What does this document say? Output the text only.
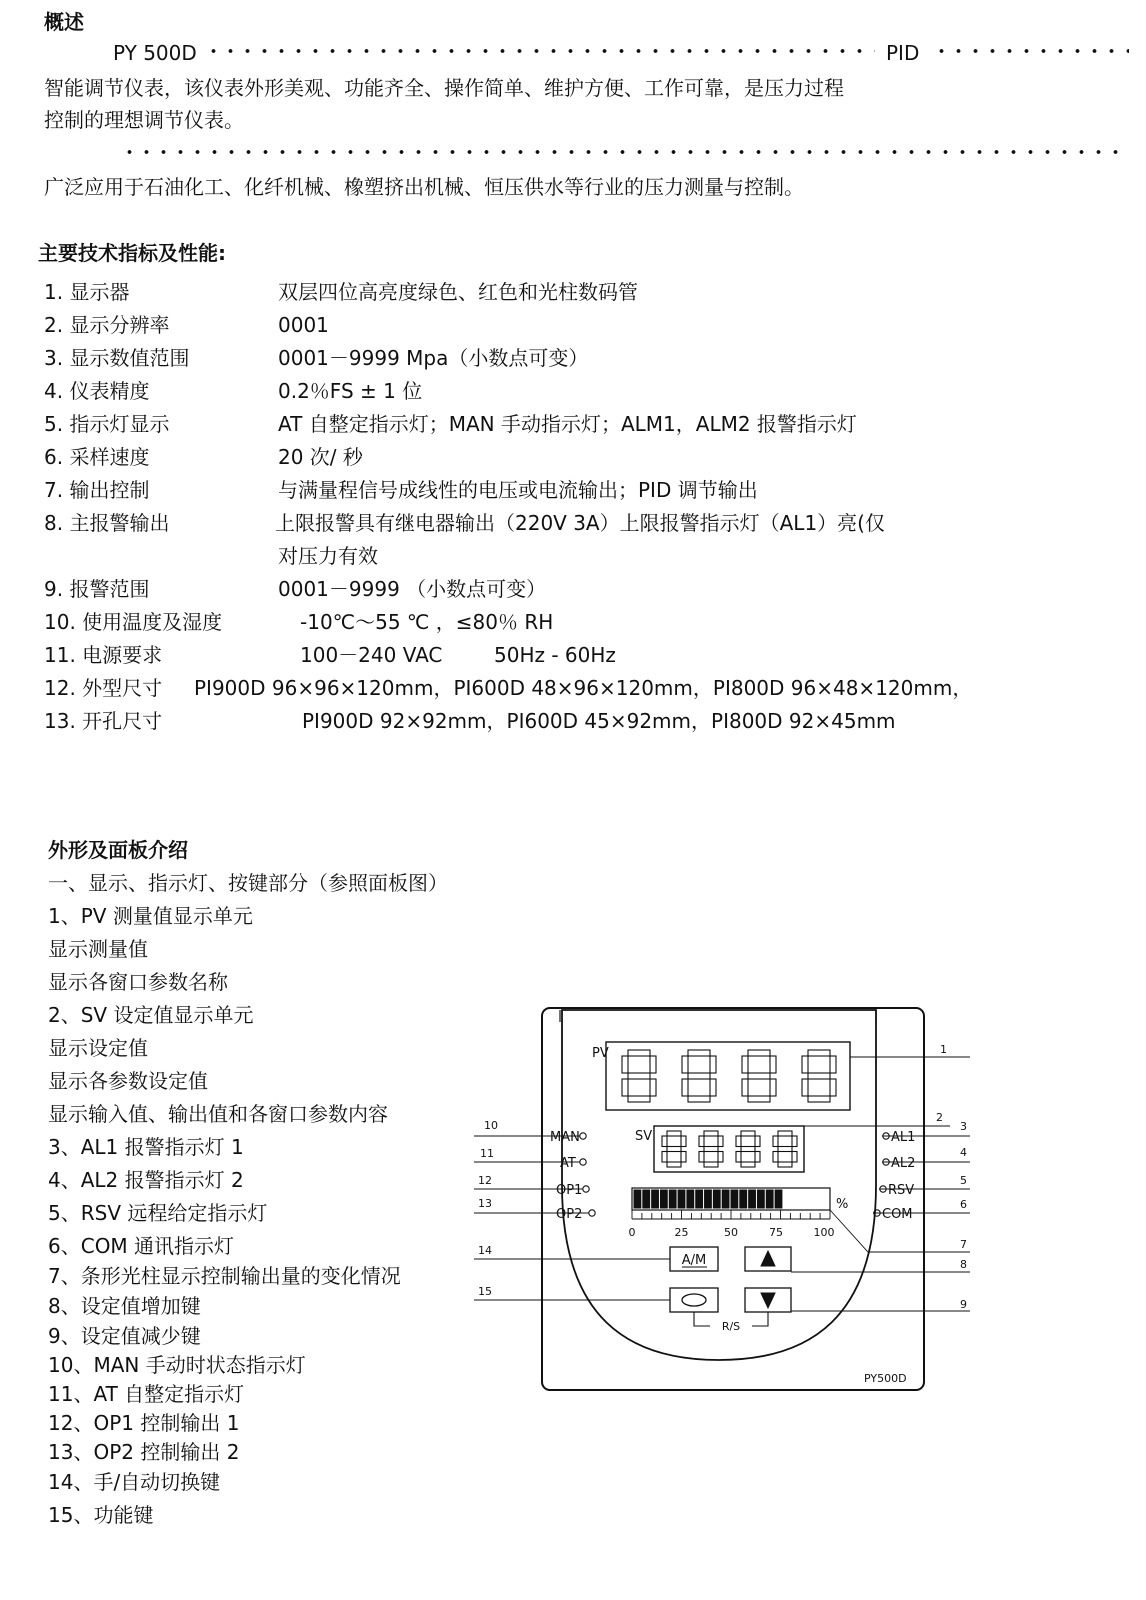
概述
PY 500D	PID
智能调节仪表，该仪表外形美观、功能齐全、操作简单、维护方便、工作可靠，是压力过程
控制的理想调节仪表。
广泛应用于石油化工、化纤机械、橡塑挤出机械、恒压供水等行业的压力测量与控制。
主要技术指标及性能:
1. 显示器	双层四位高亮度绿色、红色和光柱数码管
2. 显示分辨率	0001
3. 显示数值范围	0001－9999 Mpa（小数点可变）
4. 仪表精度	0.2％FS ± 1 位
5. 指示灯显示	AT 自整定指示灯；MAN 手动指示灯；ALM1，ALM2 报警指示灯
6. 采样速度	20 次/ 秒
7. 输出控制	与满量程信号成线性的电压或电流输出；PID 调节输出
8. 主报警输出	上限报警具有继电器输出（220V 3A）上限报警指示灯（AL1）亮(仅
对压力有效
9. 报警范围	0001－9999 （小数点可变）
10. 使用温度及湿度	-10℃～55 ℃ ，≤80％ RH
11. 电源要求	100－240 VAC	50Hz - 60Hz
12. 外型尺寸 PI900D 96×96×120mm，PI600D 48×96×120mm，PI800D 96×48×120mm，
13. 开孔尺寸	PI900D 92×92mm，PI600D 45×92mm，PI800D 92×45mm
外形及面板介绍
一、显示、指示灯、按键部分（参照面板图）
1、PV 测量值显示单元
显示测量值
显示各窗口参数名称
2、SV 设定值显示单元
显示设定值
显示各参数设定值
显示输入值、输出值和各窗口参数内容
3、AL1 报警指示灯 1
4、AL2 报警指示灯 2
5、RSV 远程给定指示灯
6、COM 通讯指示灯
7、条形光柱显示控制输出量的变化情况
8、设定值增加键
9、设定值减少键
10、MAN 手动时状态指示灯
11、AT 自整定指示灯
12、OP1 控制输出 1
13、OP2 控制输出 2
14、手/自动切换键
15、功能键
PV
SV
MAN
AT
OP1
OP2
AL1
AL2
RSV
COM
0	25	50	75	100
%
A/M
R/S
PY500D
1
2
3
4
5
6
7
8
9
10
11
12
13
14
15
